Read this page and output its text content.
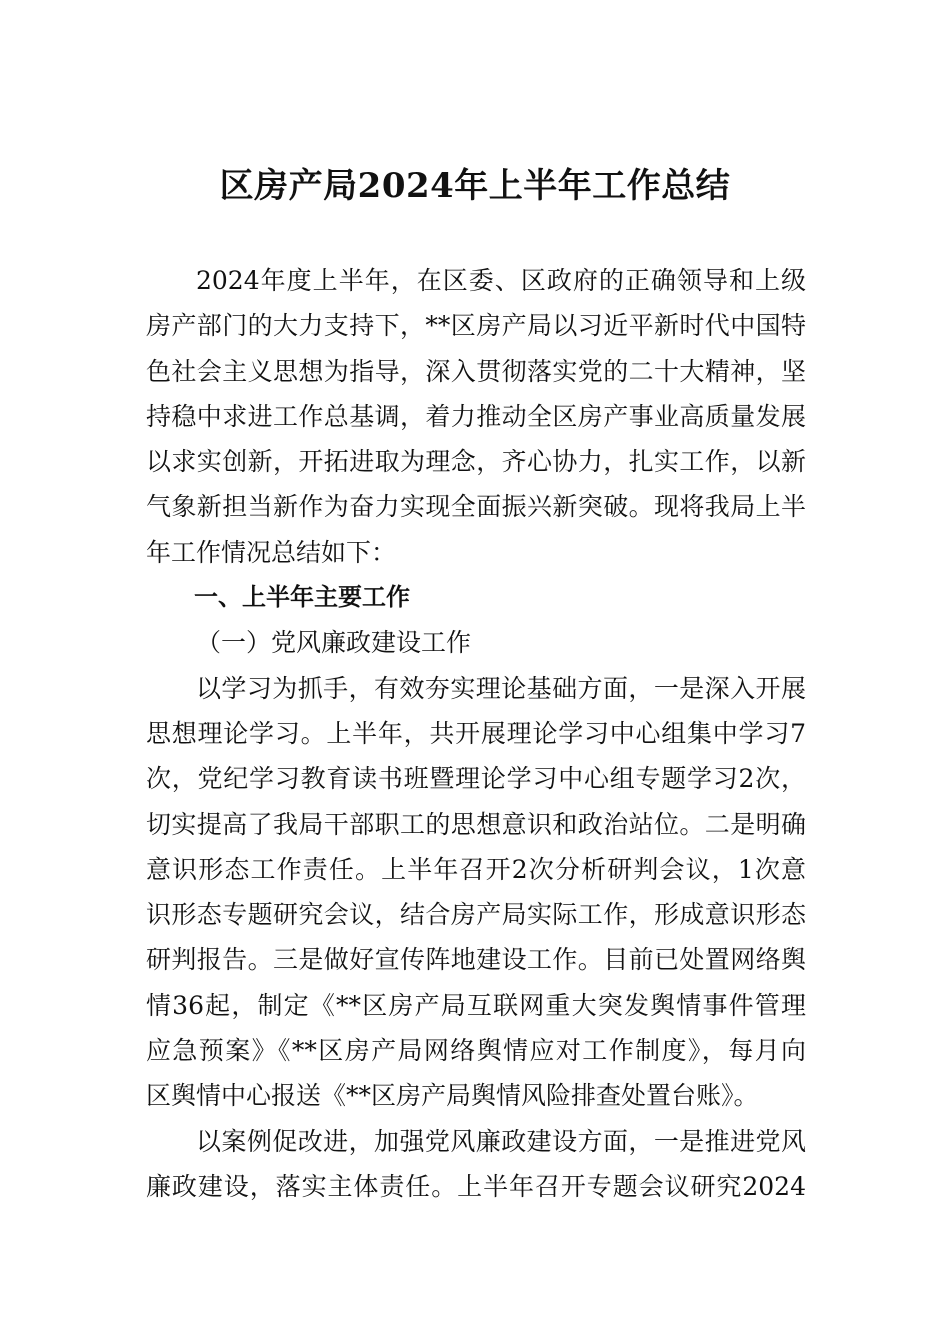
区房产局2024年上半年工作总结
2024年度上半年，在区委、区政府的正确领导和上级
房产部门的大力支持下，**区房产局以习近平新时代中国特
色社会主义思想为指导，深入贯彻落实党的二十大精神，坚
持稳中求进工作总基调，着力推动全区房产事业高质量发展
以求实创新，开拓进取为理念，齐心协力，扎实工作，以新
气象新担当新作为奋力实现全面振兴新突破。现将我局上半
年工作情况总结如下：
一、上半年主要工作
（一）党风廉政建设工作
以学习为抓手，有效夯实理论基础方面，一是深入开展
思想理论学习。上半年，共开展理论学习中心组集中学习7
次，党纪学习教育读书班暨理论学习中心组专题学习2次，
切实提高了我局干部职工的思想意识和政治站位。二是明确
意识形态工作责任。上半年召开2次分析研判会议，1次意
识形态专题研究会议，结合房产局实际工作，形成意识形态
研判报告。三是做好宣传阵地建设工作。目前已处置网络舆
情36起，制定《**区房产局互联网重大突发舆情事件管理
应急预案》《**区房产局网络舆情应对工作制度》，每月向
区舆情中心报送《**区房产局舆情风险排查处置台账》。
以案例促改进，加强党风廉政建设方面，一是推进党风
廉政建设，落实主体责任。上半年召开专题会议研究2024
